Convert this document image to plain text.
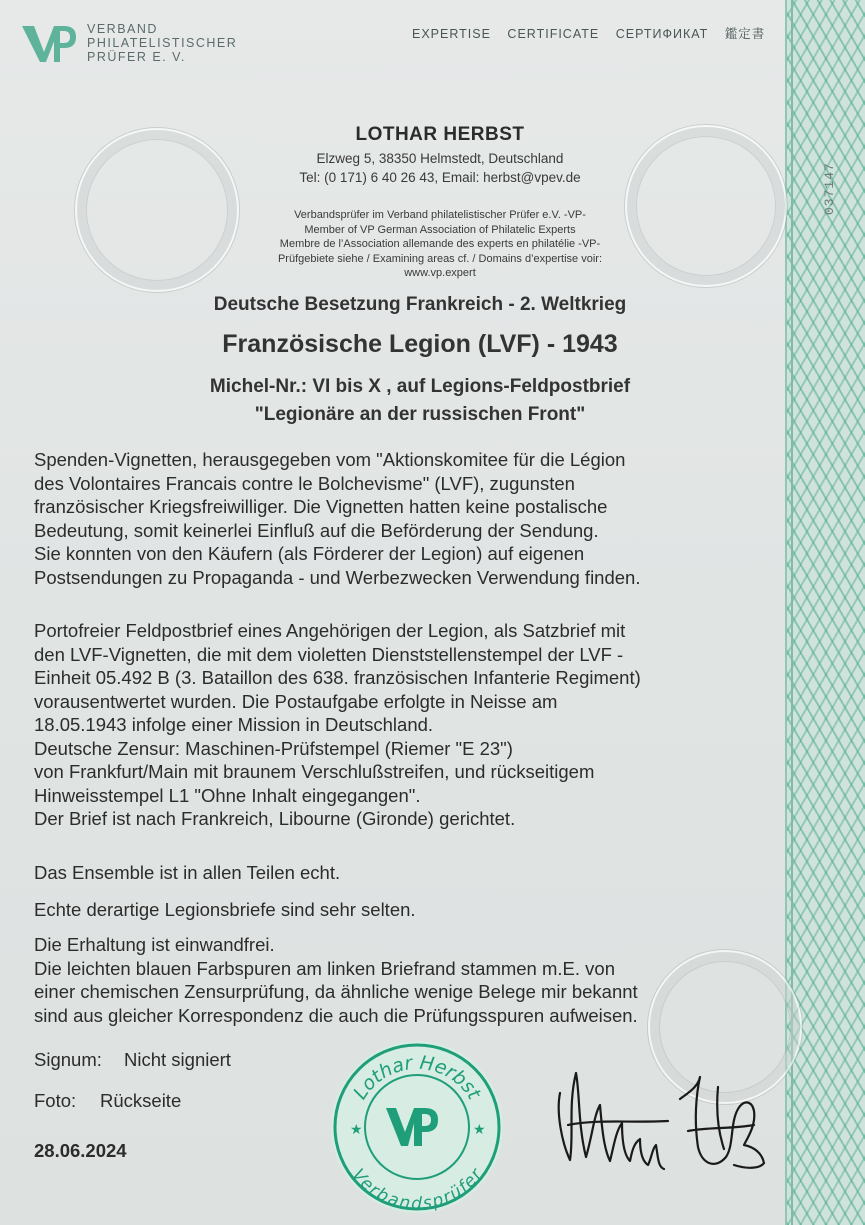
VERBAND
PHILATELISTISCHER
PRÜFER E. V.
EXPERTISE CERTIFICATE СЕРТИФИКАТ 鑑定書
037147
LOTHAR HERBST
Elzweg 5, 38350 Helmstedt, Deutschland
Tel: (0 171) 6 40 26 43, Email: herbst@vpev.de
Verbandsprüfer im Verband philatelistischer Prüfer e.V. -VP-
Member of VP German Association of Philatelic Experts
Membre de l’Association allemande des experts en philatélie -VP-
Prüfgebiete siehe / Examining areas cf. / Domains d’expertise voir:
www.vp.expert
Deutsche Besetzung Frankreich - 2. Weltkrieg
Französische Legion (LVF) - 1943
Michel-Nr.: VI bis X , auf Legions-Feldpostbrief
"Legionäre an der russischen Front"
Spenden-Vignetten, herausgegeben vom "Aktionskomitee für die Légion
des Volontaires Francais contre le Bolchevisme" (LVF), zugunsten
französischer Kriegsfreiwilliger. Die Vignetten hatten keine postalische
Bedeutung, somit keinerlei Einfluß auf die Beförderung der Sendung.
Sie konnten von den Käufern (als Förderer der Legion) auf eigenen
Postsendungen zu Propaganda - und Werbezwecken Verwendung finden.
Portofreier Feldpostbrief eines Angehörigen der Legion, als Satzbrief mit
den LVF-Vignetten, die mit dem violetten Dienststellenstempel der LVF -
Einheit 05.492 B (3. Bataillon des 638. französischen Infanterie Regiment)
vorausentwertet wurden. Die Postaufgabe erfolgte in Neisse am
18.05.1943 infolge einer Mission in Deutschland.
Deutsche Zensur: Maschinen-Prüfstempel (Riemer "E 23")
von Frankfurt/Main mit braunem Verschlußstreifen, und rückseitigem
Hinweisstempel L1 "Ohne Inhalt eingegangen".
Der Brief ist nach Frankreich, Libourne (Gironde) gerichtet.
Das Ensemble ist in allen Teilen echt.
Echte derartige Legionsbriefe sind sehr selten.
Die Erhaltung ist einwandfrei.
Die leichten blauen Farbspuren am linken Briefrand stammen m.E. von
einer chemischen Zensurprüfung, da ähnliche wenige Belege mir bekannt
sind aus gleicher Korrespondenz die auch die Prüfungsspuren aufweisen.
Signum: Nicht signiert
Foto: Rückseite
28.06.2024
Lothar Herbst
Verbandsprüfer
★	★
